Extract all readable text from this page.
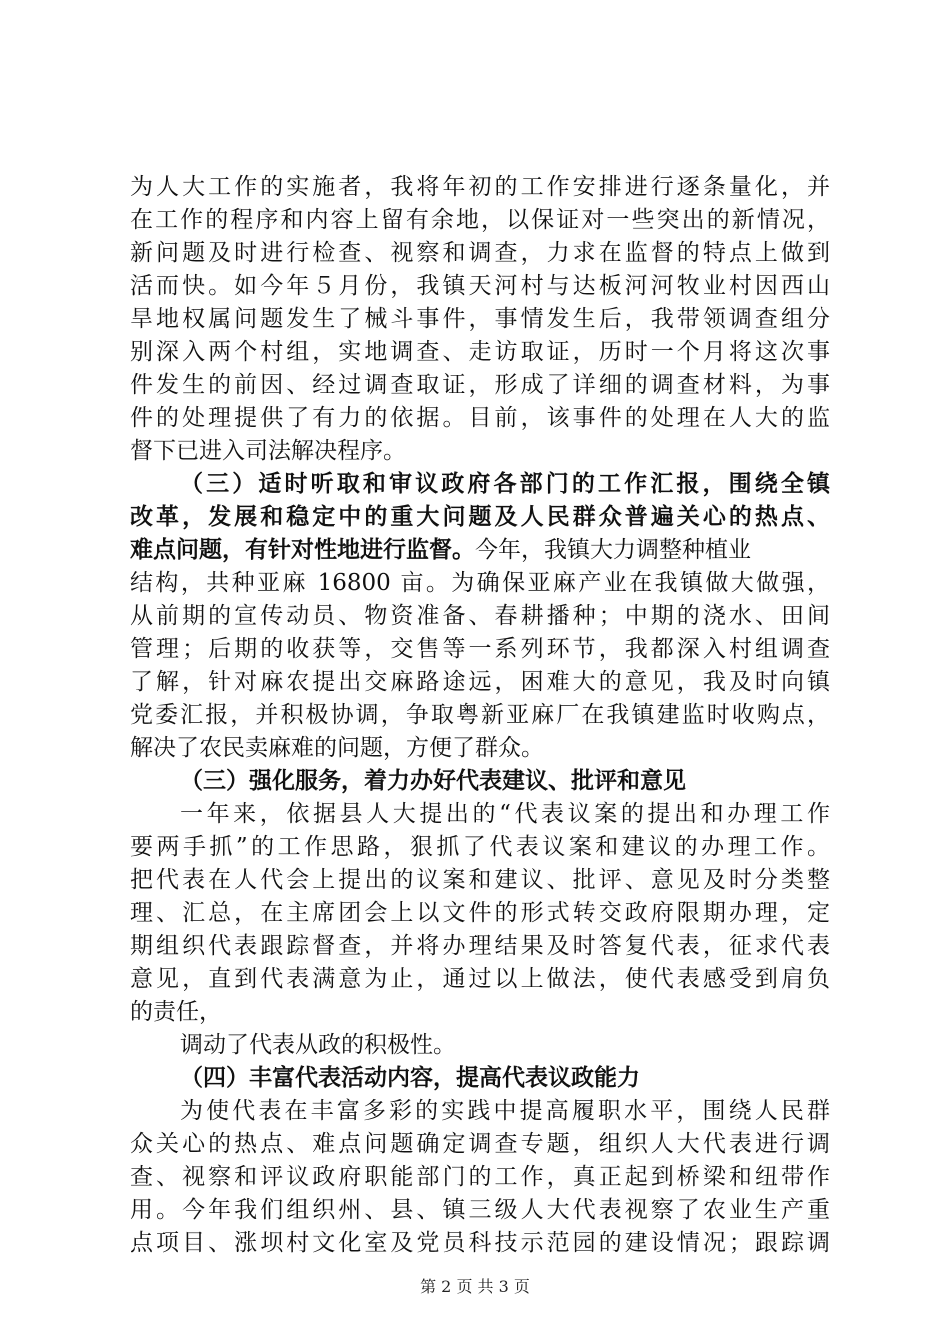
为人大工作的实施者，我将年初的工作安排进行逐条量化，并
在工作的程序和内容上留有余地，以保证对一些突出的新情况，
新问题及时进行检查、视察和调查，力求在监督的特点上做到
活而快。如今年５月份，我镇天河村与达板河河牧业村因西山
旱地权属问题发生了械斗事件，事情发生后，我带领调查组分
别深入两个村组，实地调查、走访取证，历时一个月将这次事
件发生的前因、经过调查取证，形成了详细的调查材料，为事
件的处理提供了有力的依据。目前，该事件的处理在人大的监
督下已进入司法解决程序。
（三）适时听取和审议政府各部门的工作汇报，围绕全镇
改革，发展和稳定中的重大问题及人民群众普遍关心的热点、
难点问题，有针对性地进行监督。今年，我镇大力调整种植业
结构，共种亚麻 16800 亩。为确保亚麻产业在我镇做大做强，
从前期的宣传动员、物资准备、春耕播种；中期的浇水、田间
管理；后期的收获等，交售等一系列环节，我都深入村组调查
了解，针对麻农提出交麻路途远，困难大的意见，我及时向镇
党委汇报，并积极协调，争取粤新亚麻厂在我镇建监时收购点，
解决了农民卖麻难的问题，方便了群众。
（三）强化服务，着力办好代表建议、批评和意见
一年来，依据县人大提出的“代表议案的提出和办理工作
要两手抓”的工作思路，狠抓了代表议案和建议的办理工作。
把代表在人代会上提出的议案和建议、批评、意见及时分类整
理、汇总，在主席团会上以文件的形式转交政府限期办理，定
期组织代表跟踪督查，并将办理结果及时答复代表，征求代表
意见，直到代表满意为止，通过以上做法，使代表感受到肩负
的责任，
调动了代表从政的积极性。
（四）丰富代表活动内容，提高代表议政能力
为使代表在丰富多彩的实践中提高履职水平，围绕人民群
众关心的热点、难点问题确定调查专题，组织人大代表进行调
查、视察和评议政府职能部门的工作，真正起到桥梁和纽带作
用。今年我们组织州、县、镇三级人大代表视察了农业生产重
点项目、涨坝村文化室及党员科技示范园的建设情况；跟踪调
第 2 页 共 3 页
